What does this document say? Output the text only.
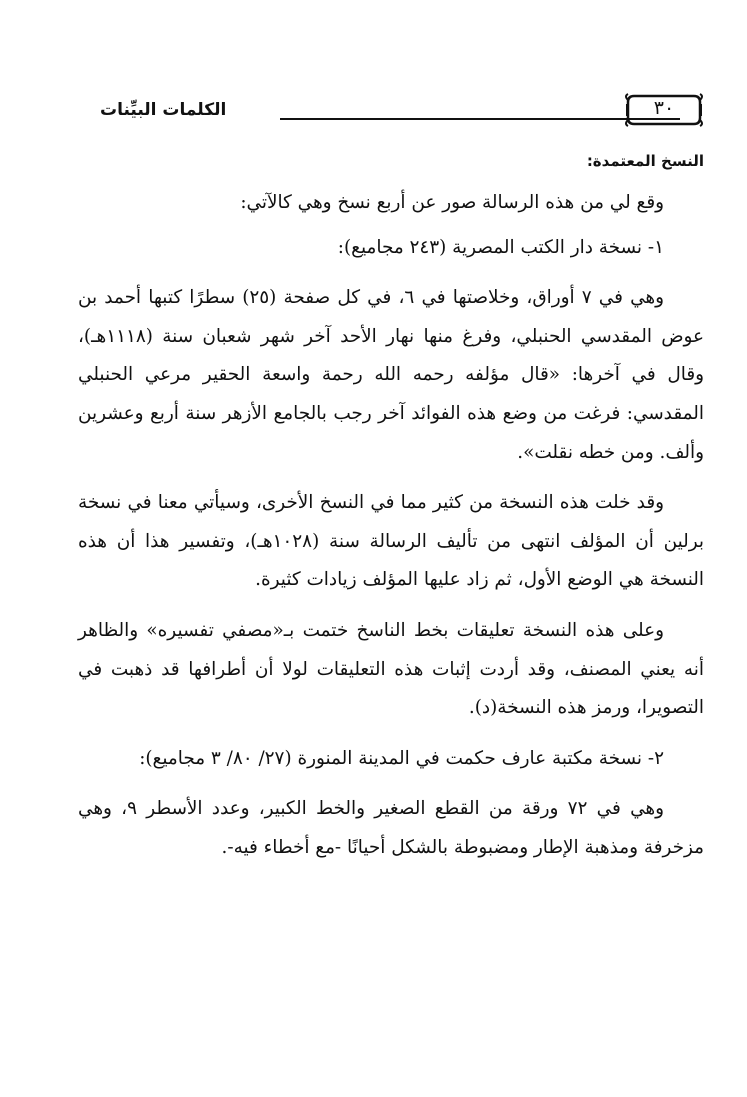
الكلمات البيِّنات	٣٠
النسخ المعتمدة:

وقع لي من هذه الرسالة صور عن أربع نسخ وهي كالآتي:

١- نسخة دار الكتب المصرية (٢٤٣ مجاميع):

وهي في ٧ أوراق، وخلاصتها في ٦، في كل صفحة (٢٥) سطرًا كتبها أحمد بن عوض المقدسي الحنبلي، وفرغ منها نهار الأحد آخر شهر شعبان سنة (١١١٨هـ)، وقال في آخرها: «قال مؤلفه رحمه الله رحمة واسعة الحقير مرعي الحنبلي المقدسي: فرغت من وضع هذه الفوائد آخر رجب بالجامع الأزهر سنة أربع وعشرين وألف. ومن خطه نقلت».

وقد خلت هذه النسخة من كثير مما في النسخ الأخرى، وسيأتي معنا في نسخة برلين أن المؤلف انتهى من تأليف الرسالة سنة (١٠٢٨هـ)، وتفسير هذا أن هذه النسخة هي الوضع الأول، ثم زاد عليها المؤلف زيادات كثيرة.

وعلى هذه النسخة تعليقات بخط الناسخ ختمت بـ«مصفي تفسيره» والظاهر أنه يعني المصنف، وقد أردت إثبات هذه التعليقات لولا أن أطرافها قد ذهبت في التصويرا، ورمز هذه النسخة(د).

٢- نسخة مكتبة عارف حكمت في المدينة المنورة (٢٧/ ٨٠/ ٣ مجاميع):

وهي في ٧٢ ورقة من القطع الصغير والخط الكبير، وعدد الأسطر ٩، وهي مزخرفة ومذهبة الإطار ومضبوطة بالشكل أحيانًا -مع أخطاء فيه-.
